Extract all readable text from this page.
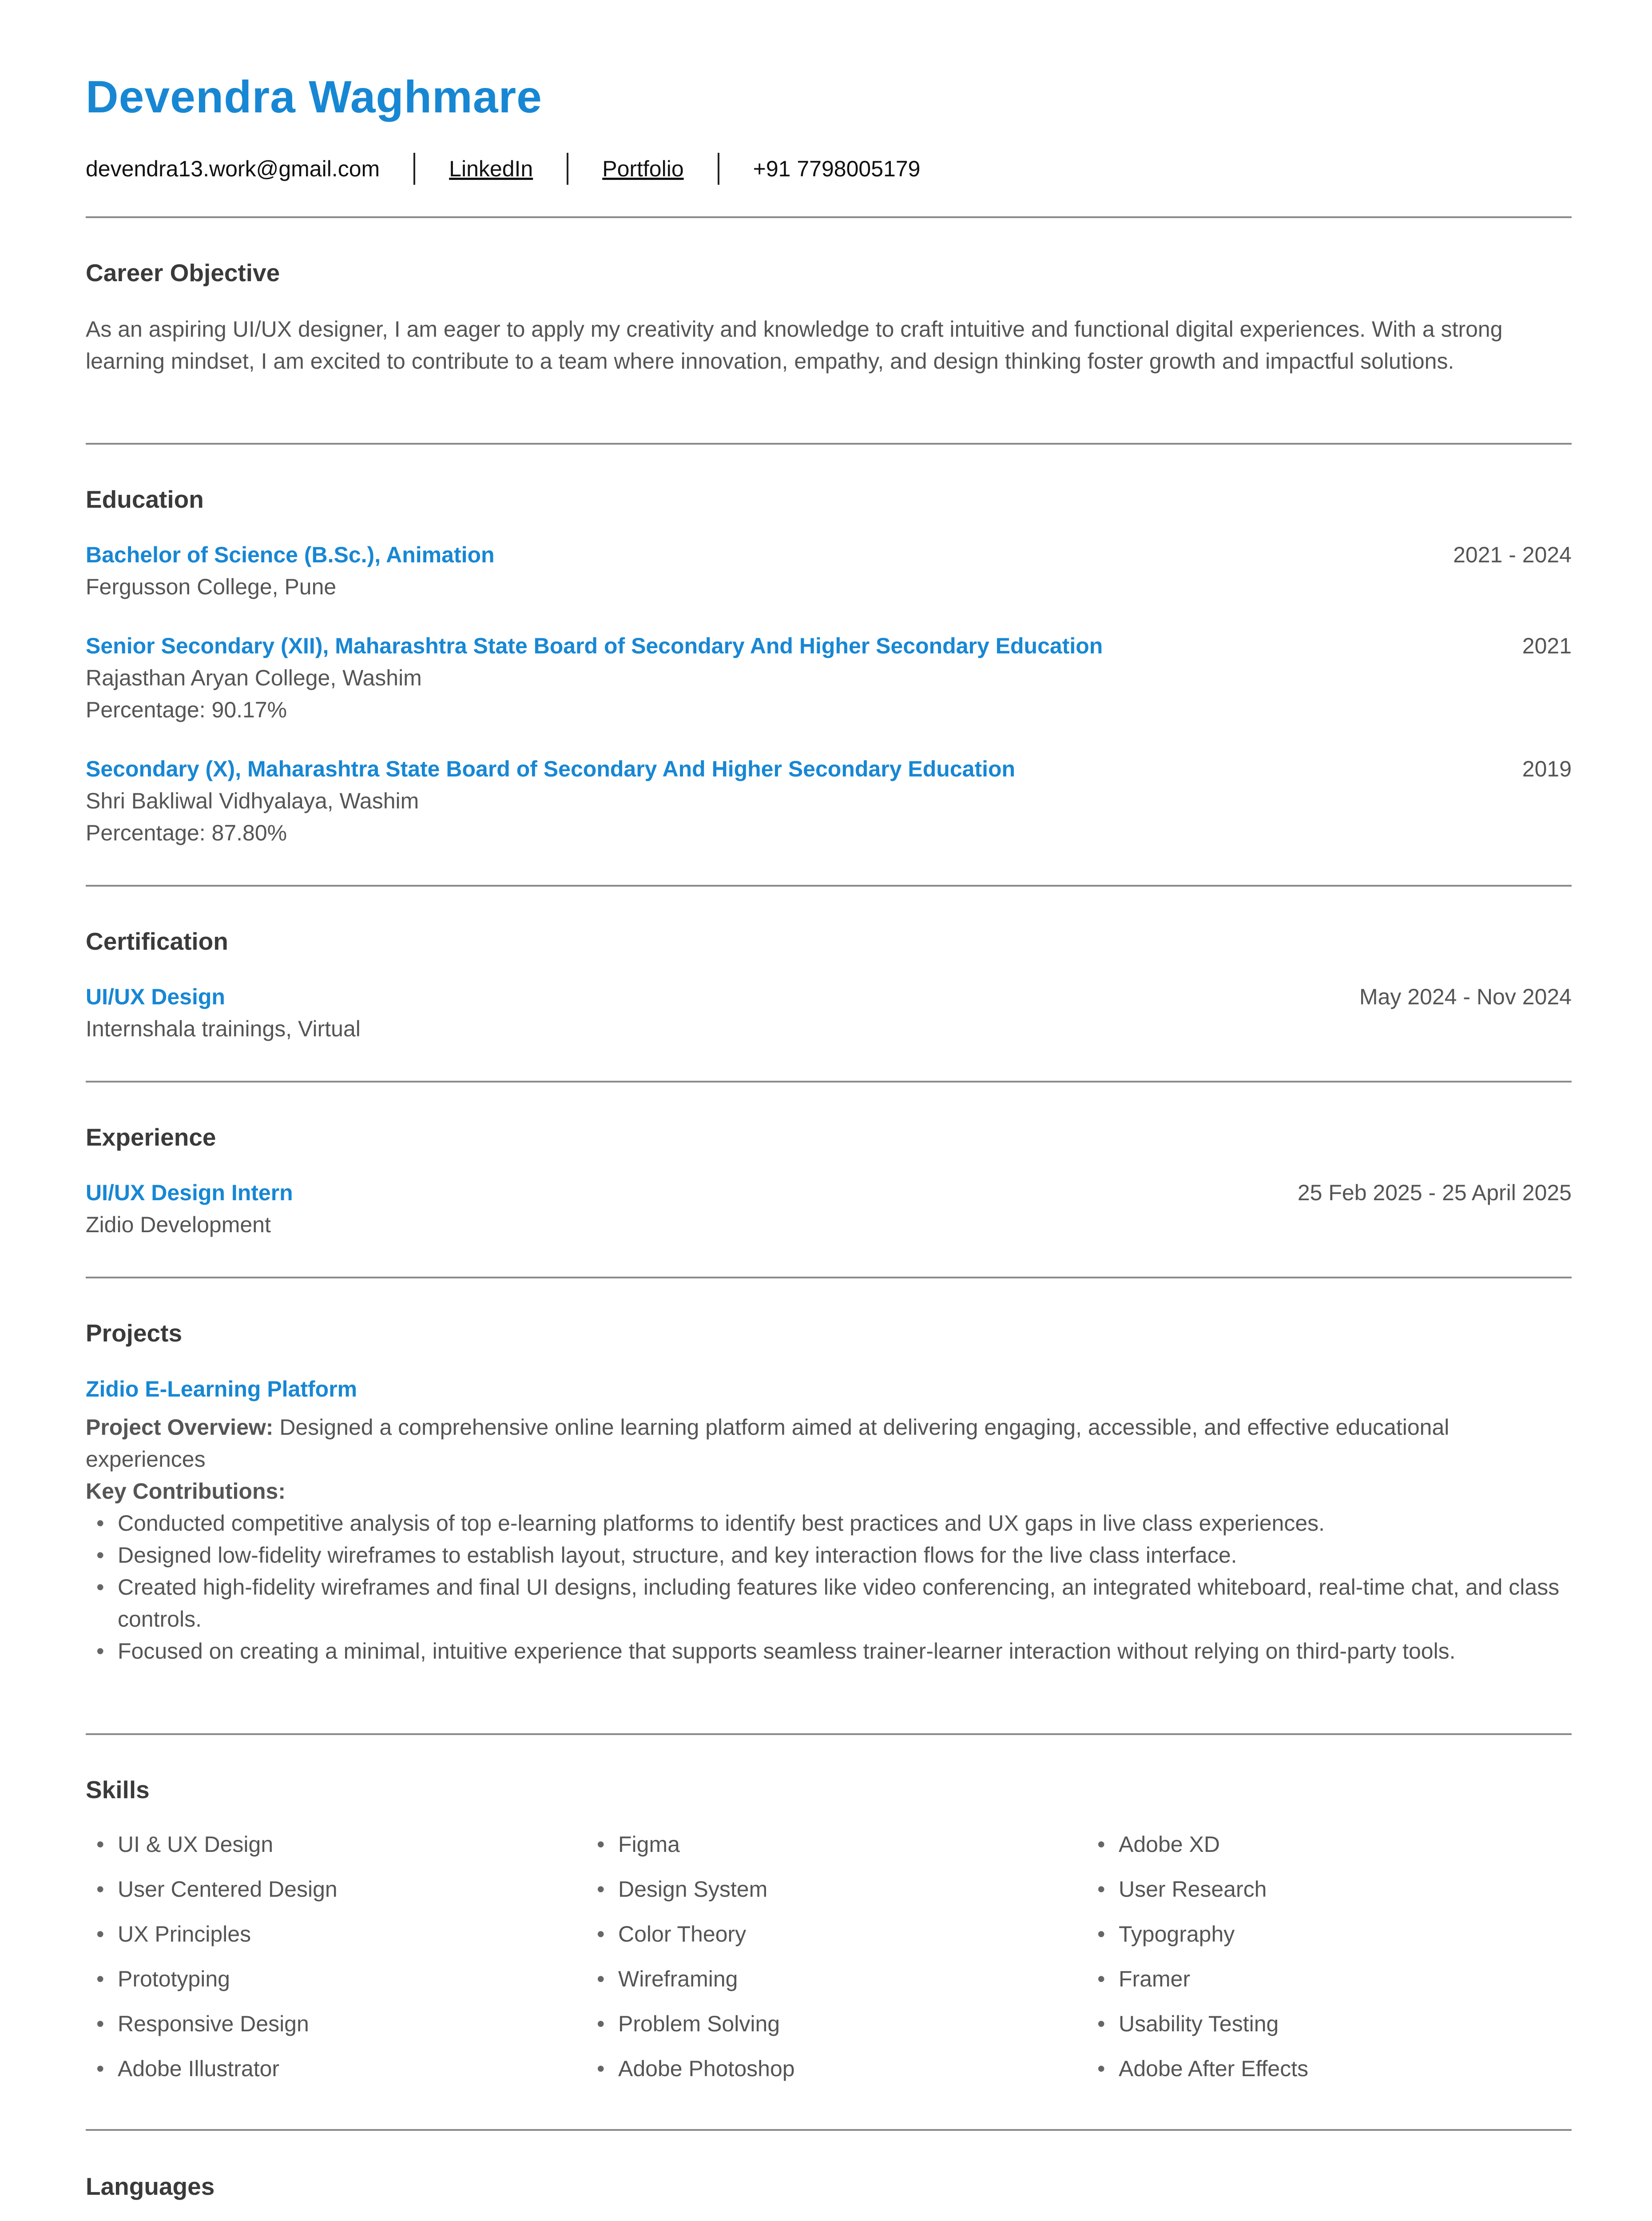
Devendra Waghmare
devendra13.work@gmail.com	LinkedIn	Portfolio	+91 7798005179
Career Objective
As an aspiring UI/UX designer, I am eager to apply my creativity and knowledge to craft intuitive and functional digital experiences. With a strong learning mindset, I am excited to contribute to a team where innovation, empathy, and design thinking foster growth and impactful solutions.
Education
Bachelor of Science (B.Sc.), Animation	2021 - 2024
Fergusson College, Pune
Senior Secondary (XII), Maharashtra State Board of Secondary And Higher Secondary Education	2021
Rajasthan Aryan College, Washim
Percentage: 90.17%
Secondary (X), Maharashtra State Board of Secondary And Higher Secondary Education	2019
Shri Bakliwal Vidhyalaya, Washim
Percentage: 87.80%
Certification
UI/UX Design	May 2024 - Nov 2024
Internshala trainings, Virtual
Experience
UI/UX Design Intern	25 Feb 2025 - 25 April 2025
Zidio Development
Projects
Zidio E-Learning Platform
Project Overview: Designed a comprehensive online learning platform aimed at delivering engaging, accessible, and effective educational experiences
Key Contributions:
• Conducted competitive analysis of top e-learning platforms to identify best practices and UX gaps in live class experiences.
• Designed low-fidelity wireframes to establish layout, structure, and key interaction flows for the live class interface.
• Created high-fidelity wireframes and final UI designs, including features like video conferencing, an integrated whiteboard, real-time chat, and class controls.
• Focused on creating a minimal, intuitive experience that supports seamless trainer-learner interaction without relying on third-party tools.
Skills
• UI & UX Design
• User Centered Design
• UX Principles
• Prototyping
• Responsive Design
• Adobe Illustrator
• Figma
• Design System
• Color Theory
• Wireframing
• Problem Solving
• Adobe Photoshop
• Adobe XD
• User Research
• Typography
• Framer
• Usability Testing
• Adobe After Effects
Languages
